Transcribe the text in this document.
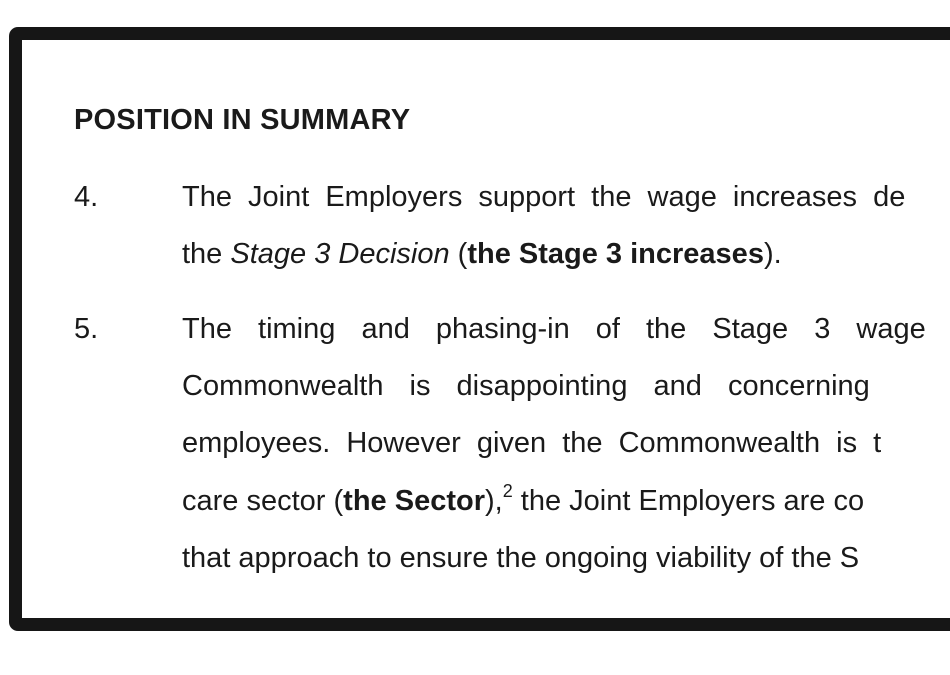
POSITION IN SUMMARY
4.	The Joint Employers support the wage increases de
the Stage 3 Decision (the Stage 3 increases).
5.	The timing and phasing-in of the Stage 3 wage
Commonwealth is disappointing and concerning
employees. However given the Commonwealth is t
care sector (the Sector),$^2$ the Joint Employers are co
that approach to ensure the ongoing viability of the S
